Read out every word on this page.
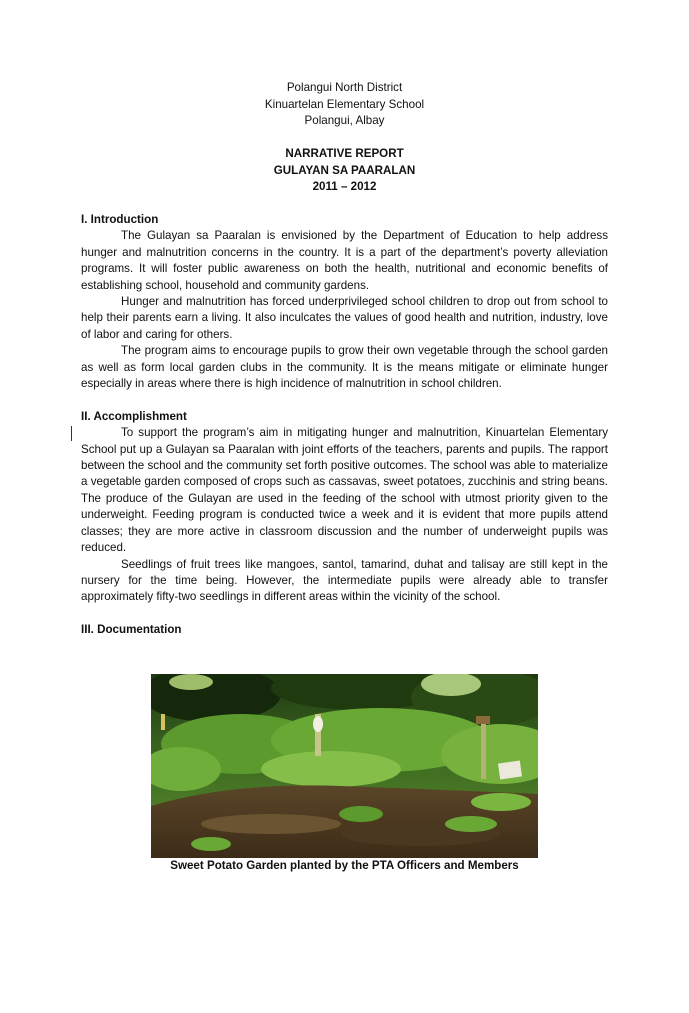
Polangui North District
Kinuartelan Elementary School
Polangui, Albay
NARRATIVE REPORT
GULAYAN SA PAARALAN
2011 – 2012

I. Introduction

The Gulayan sa Paaralan is envisioned by the Department of Education to help address hunger and malnutrition concerns in the country. It is a part of the department’s poverty alleviation programs. It will foster public awareness on both the health, nutritional and economic benefits of establishing school, household and community gardens.

Hunger and malnutrition has forced underprivileged school children to drop out from school to help their parents earn a living. It also inculcates the values of good health and nutrition, industry, love of labor and caring for others.

The program aims to encourage pupils to grow their own vegetable through the school garden as well as form local garden clubs in the community. It is the means mitigate or eliminate hunger especially in areas where there is high incidence of malnutrition in school children.

II. Accomplishment

To support the program’s aim in mitigating hunger and malnutrition, Kinuartelan Elementary School put up a Gulayan sa Paaralan with joint efforts of the teachers, parents and pupils. The rapport between the school and the community set forth positive outcomes. The school was able to materialize a vegetable garden composed of crops such as cassavas, sweet potatoes, zucchinis and string beans. The produce of the Gulayan are used in the feeding of the school with utmost priority given to the underweight. Feeding program is conducted twice a week and it is evident that more pupils attend classes; they are more active in classroom discussion and the number of underweight pupils was reduced.

Seedlings of fruit trees like mangoes, santol, tamarind, duhat and talisay are still kept in the nursery for the time being. However, the intermediate pupils were already able to transfer approximately fifty-two seedlings in different areas within the vicinity of the school.

III. Documentation

Sweet Potato Garden planted by the PTA Officers and Members
